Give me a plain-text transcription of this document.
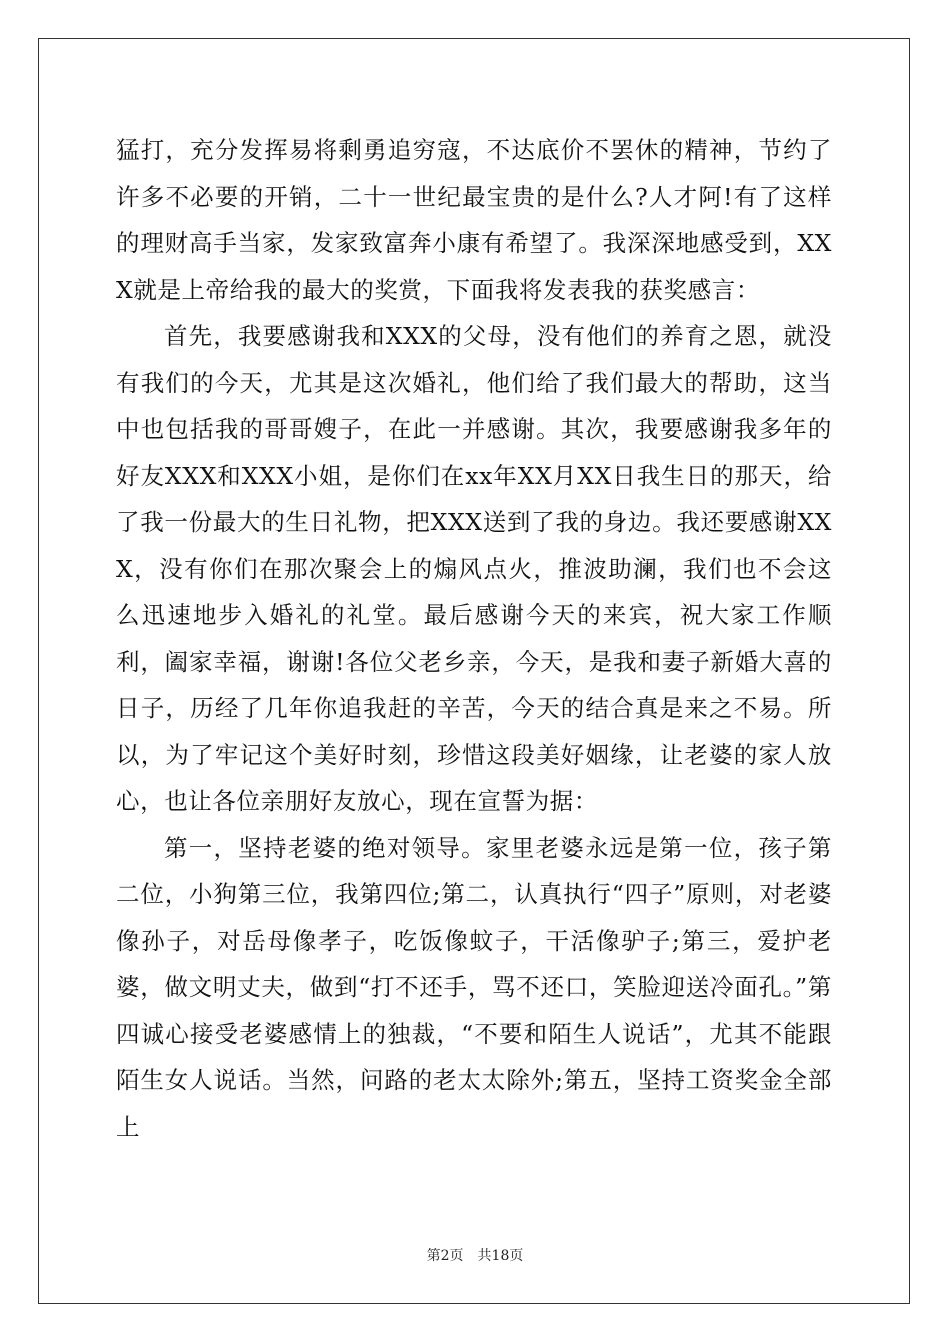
猛打，充分发挥易将剩勇追穷寇，不达底价不罢休的精神，节约了许多不必要的开销，二十一世纪最宝贵的是什么?人才阿!有了这样的理财高手当家，发家致富奔小康有希望了。我深深地感受到，XXX就是上帝给我的最大的奖赏，下面我将发表我的获奖感言：

首先，我要感谢我和XXX的父母，没有他们的养育之恩，就没有我们的今天，尤其是这次婚礼，他们给了我们最大的帮助，这当中也包括我的哥哥嫂子，在此一并感谢。其次，我要感谢我多年的好友XXX和XXX小姐，是你们在xx年XX月XX日我生日的那天，给了我一份最大的生日礼物，把XXX送到了我的身边。我还要感谢XXX，没有你们在那次聚会上的煽风点火，推波助澜，我们也不会这么迅速地步入婚礼的礼堂。最后感谢今天的来宾，祝大家工作顺利，阖家幸福，谢谢!各位父老乡亲，今天，是我和妻子新婚大喜的日子，历经了几年你追我赶的辛苦，今天的结合真是来之不易。所以，为了牢记这个美好时刻，珍惜这段美好姻缘，让老婆的家人放心，也让各位亲朋好友放心，现在宣誓为据：

第一，坚持老婆的绝对领导。家里老婆永远是第一位，孩子第二位，小狗第三位，我第四位;第二，认真执行“四子”原则，对老婆像孙子，对岳母像孝子，吃饭像蚊子，干活像驴子;第三，爱护老婆，做文明丈夫，做到“打不还手，骂不还口，笑脸迎送冷面孔。”第四诚心接受老婆感情上的独裁，“不要和陌生人说话”，尤其不能跟陌生女人说话。当然，问路的老太太除外;第五，坚持工资奖金全部上

第2页 共18页
